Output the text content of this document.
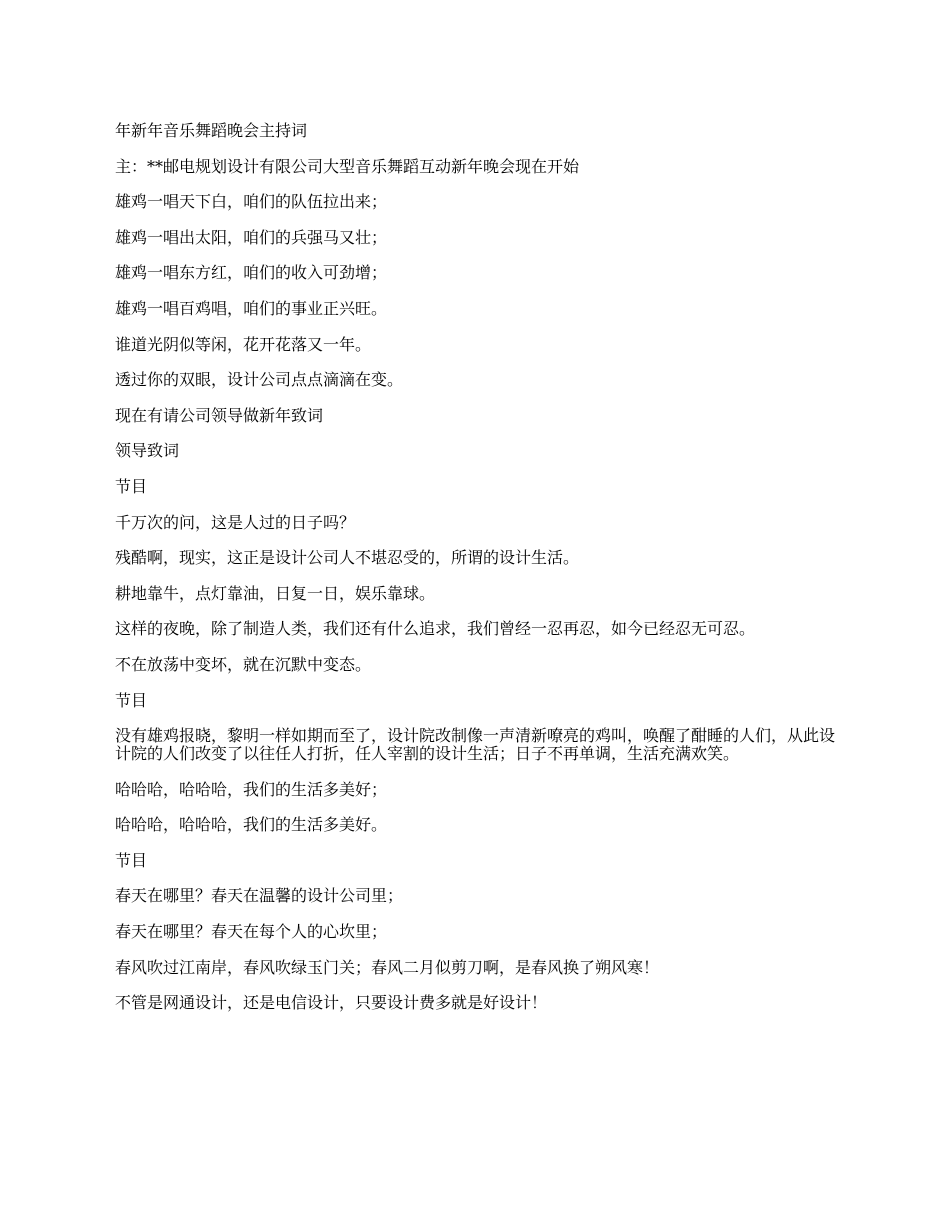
年新年音乐舞蹈晚会主持词

主：**邮电规划设计有限公司大型音乐舞蹈互动新年晚会现在开始

雄鸡一唱天下白，咱们的队伍拉出来；

雄鸡一唱出太阳，咱们的兵强马又壮；

雄鸡一唱东方红，咱们的收入可劲增；

雄鸡一唱百鸡唱，咱们的事业正兴旺。

谁道光阴似等闲，花开花落又一年。

透过你的双眼，设计公司点点滴滴在变。

现在有请公司领导做新年致词

领导致词

节目

千万次的问，这是人过的日子吗？

残酷啊，现实，这正是设计公司人不堪忍受的，所谓的设计生活。

耕地靠牛，点灯靠油，日复一日，娱乐靠球。

这样的夜晚，除了制造人类，我们还有什么追求，我们曾经一忍再忍，如今已经忍无可忍。

不在放荡中变坏，就在沉默中变态。

节目

没有雄鸡报晓，黎明一样如期而至了，设计院改制像一声清新嘹亮的鸡叫，唤醒了酣睡的人们，从此设计院的人们改变了以往任人打折，任人宰割的设计生活；日子不再单调，生活充满欢笑。

哈哈哈，哈哈哈，我们的生活多美好；

哈哈哈，哈哈哈，我们的生活多美好。

节目

春天在哪里？春天在温馨的设计公司里；

春天在哪里？春天在每个人的心坎里；

春风吹过江南岸，春风吹绿玉门关；春风二月似剪刀啊，是春风换了朔风寒！

不管是网通设计，还是电信设计，只要设计费多就是好设计！
